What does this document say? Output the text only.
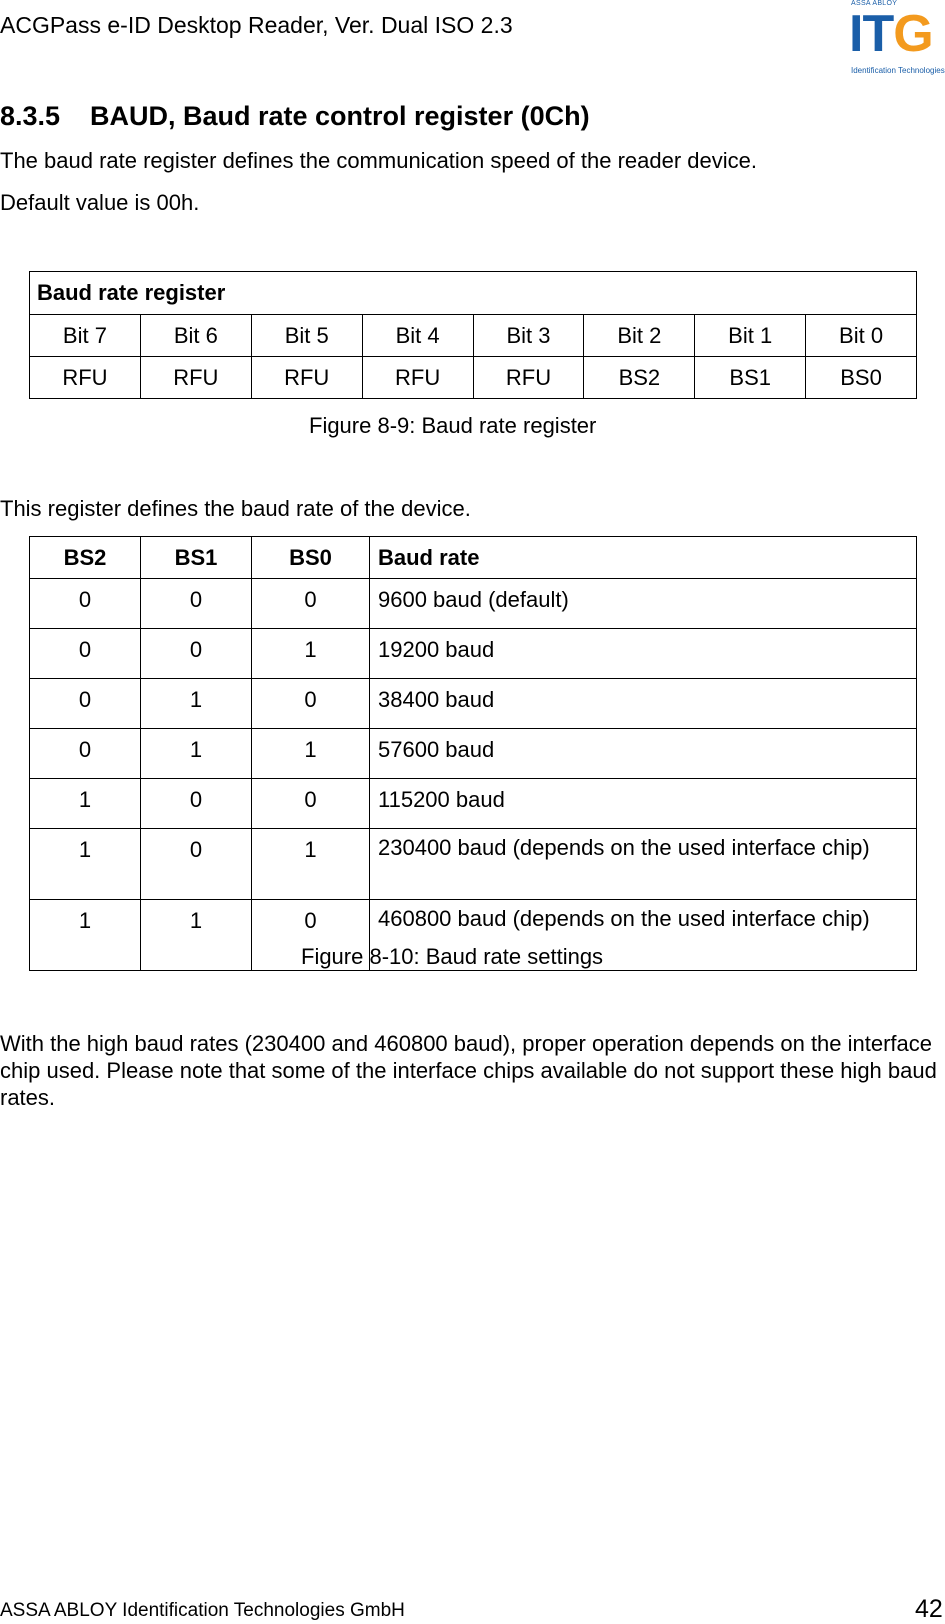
ACGPass e-ID Desktop Reader, Ver. Dual ISO 2.3
ASSA ABLOY
ITG
Identification Technologies
8.3.5 BAUD, Baud rate control register (0Ch)

The baud rate register defines the communication speed of the reader device.

Default value is 00h.

Baud rate register							
Bit 7	Bit 6	Bit 5	Bit 4	Bit 3	Bit 2	Bit 1	Bit 0
RFU	RFU	RFU	RFU	RFU	BS2	BS1	BS0
Figure 8-9: Baud rate register

This register defines the baud rate of the device.

BS2	BS1	BS0	Baud rate
0	0	0	9600 baud (default)
0	0	1	19200 baud
0	1	0	38400 baud
0	1	1	57600 baud
1	0	0	115200 baud
1	0	1	230400 baud (depends on the used interface chip)
1	1	0	460800 baud (depends on the used interface chip)
Figure 8-10: Baud rate settings

With the high baud rates (230400 and 460800 baud), proper operation depends on the interface chip used. Please note that some of the interface chips available do not support these high baud rates.

ASSA ABLOY Identification Technologies GmbH	42
